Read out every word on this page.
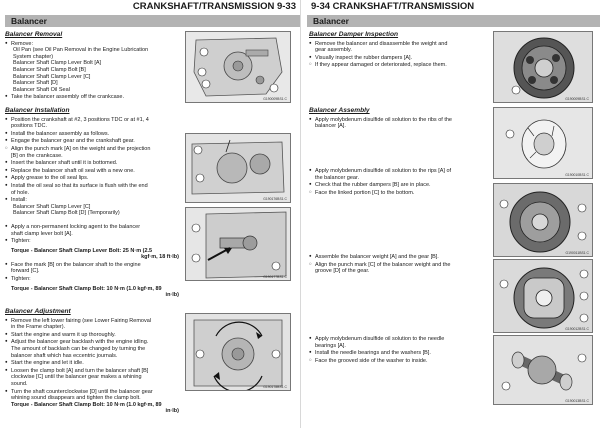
CRANKSHAFT/TRANSMISSION 9-33
Balancer
Balancer Removal
● Remove:
Oil Pan (see Oil Pan Removal in the Engine Lubrication
System chapter)
Balancer Shaft Clamp Lever Bolt [A]
Balancer Shaft Clamp Bolt [B]
Balancer Shaft Clamp Lever [C]
Balancer Shaft [D]
Balancer Shaft Oil Seal
● Take the balancer assembly off the crankcase.	G190009BS1 C
Balancer Installation
● Position the crankshaft at #2, 3 positions TDC or at #1, 4
positions TDC.
● Install the balancer assembly as follows.
● Engage the balancer gear and the crankshaft gear.
○ Align the punch mark [A] on the weight and the projection
[B] on the crankcase.
● Insert the balancer shaft until it is bottomed.
● Replace the balancer shaft oil seal with a new one.
● Apply grease to the oil seal lips.
● Install the oil seal so that its surface is flush with the end
of hole.
● Install:
Balancer Shaft Clamp Lever [C]
Balancer Shaft Clamp Bolt [D] (Temporarily)
● Apply a non-permanent locking agent to the balancer
shaft clamp lever bolt [A].
● Tighten:
Torque - Balancer Shaft Clamp Lever Bolt: 25 N·m (2.5
kgf·m, 18 ft·lb)
● Face the mark [B] on the balancer shaft to the engine
forward [C].
● Tighten:
Torque - Balancer Shaft Clamp Bolt: 10 N·m (1.0 kgf·m, 89
in·lb)
G190176BS1 C
G190177BS1 C
Balancer Adjustment
● Remove the left lower fairing (see Lower Fairing Removal
in the Frame chapter).
● Start the engine and warm it up thoroughly.
● Adjust the balancer gear backlash with the engine idling.
The amount of backlash can be changed by turning the
balancer shaft which has eccentric journals.
● Start the engine and let it idle.
● Loosen the clamp bolt [A] and turn the balancer shaft [B]
clockwise [C] until the balancer gear makes a whining
sound.
● Turn the shaft counterclockwise [D] until the balancer gear
whining sound disappears and tighten the clamp bolt.
Torque - Balancer Shaft Clamp Bolt: 10 N·m (1.0 kgf·m, 89
in·lb)
G190178BS1 C
9-34 CRANKSHAFT/TRANSMISSION
Balancer
Balancer Damper Inspection
● Remove the balancer and disassemble the weight and
gear assembly.
● Visually inspect the rubber dampers [A].
○ If they appear damaged or deteriorated, replace them.
G190009BS1 C
Balancer Assembly
● Apply molybdenum disulfide oil solution to the ribs of the
balancer [A].
● Apply molybdenum disulfide oil solution to the rips [A] of
the balancer gear.
● Check that the rubber dampers [B] are in place.
○ Face the linked portion [C] to the bottom.
● Assemble the balancer weight [A] and the gear [B].
○ Align the punch mark [C] of the balancer weight and the
groove [D] of the gear.
● Apply molybdenum disulfide oil solution to the needle
bearings [A].
● Install the needle bearings and the washers [B].
○ Face the grooved side of the washer to inside.
G190010BS1 C
G190011BS1 C
G190012BS1 C
G190013BS1 C
